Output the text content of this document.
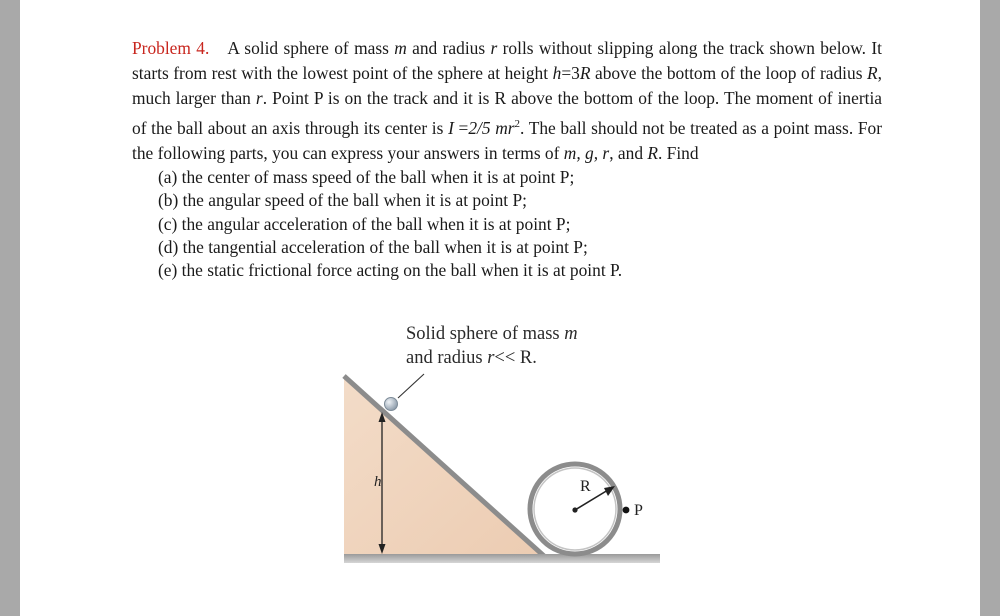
Problem 4. A solid sphere of mass m and radius r rolls without slipping along the track shown below. It starts from rest with the lowest point of the sphere at height h=3R above the bottom of the loop of radius R, much larger than r. Point P is on the track and it is R above the bottom of the loop. The moment of inertia of the ball about an axis through its center is I =2/5 $mr^2$. The ball should not be treated as a point mass. For the following parts, you can express your answers in terms of m, g, r, and R. Find

(a) the center of mass speed of the ball when it is at point P;
(b) the angular speed of the ball when it is at point P;
(c) the angular acceleration of the ball when it is at point P;
(d) the tangential acceleration of the ball when it is at point P;
(e) the static frictional force acting on the ball when it is at point P.
Solid sphere of mass m
and radius r<< R.
h	R
P
